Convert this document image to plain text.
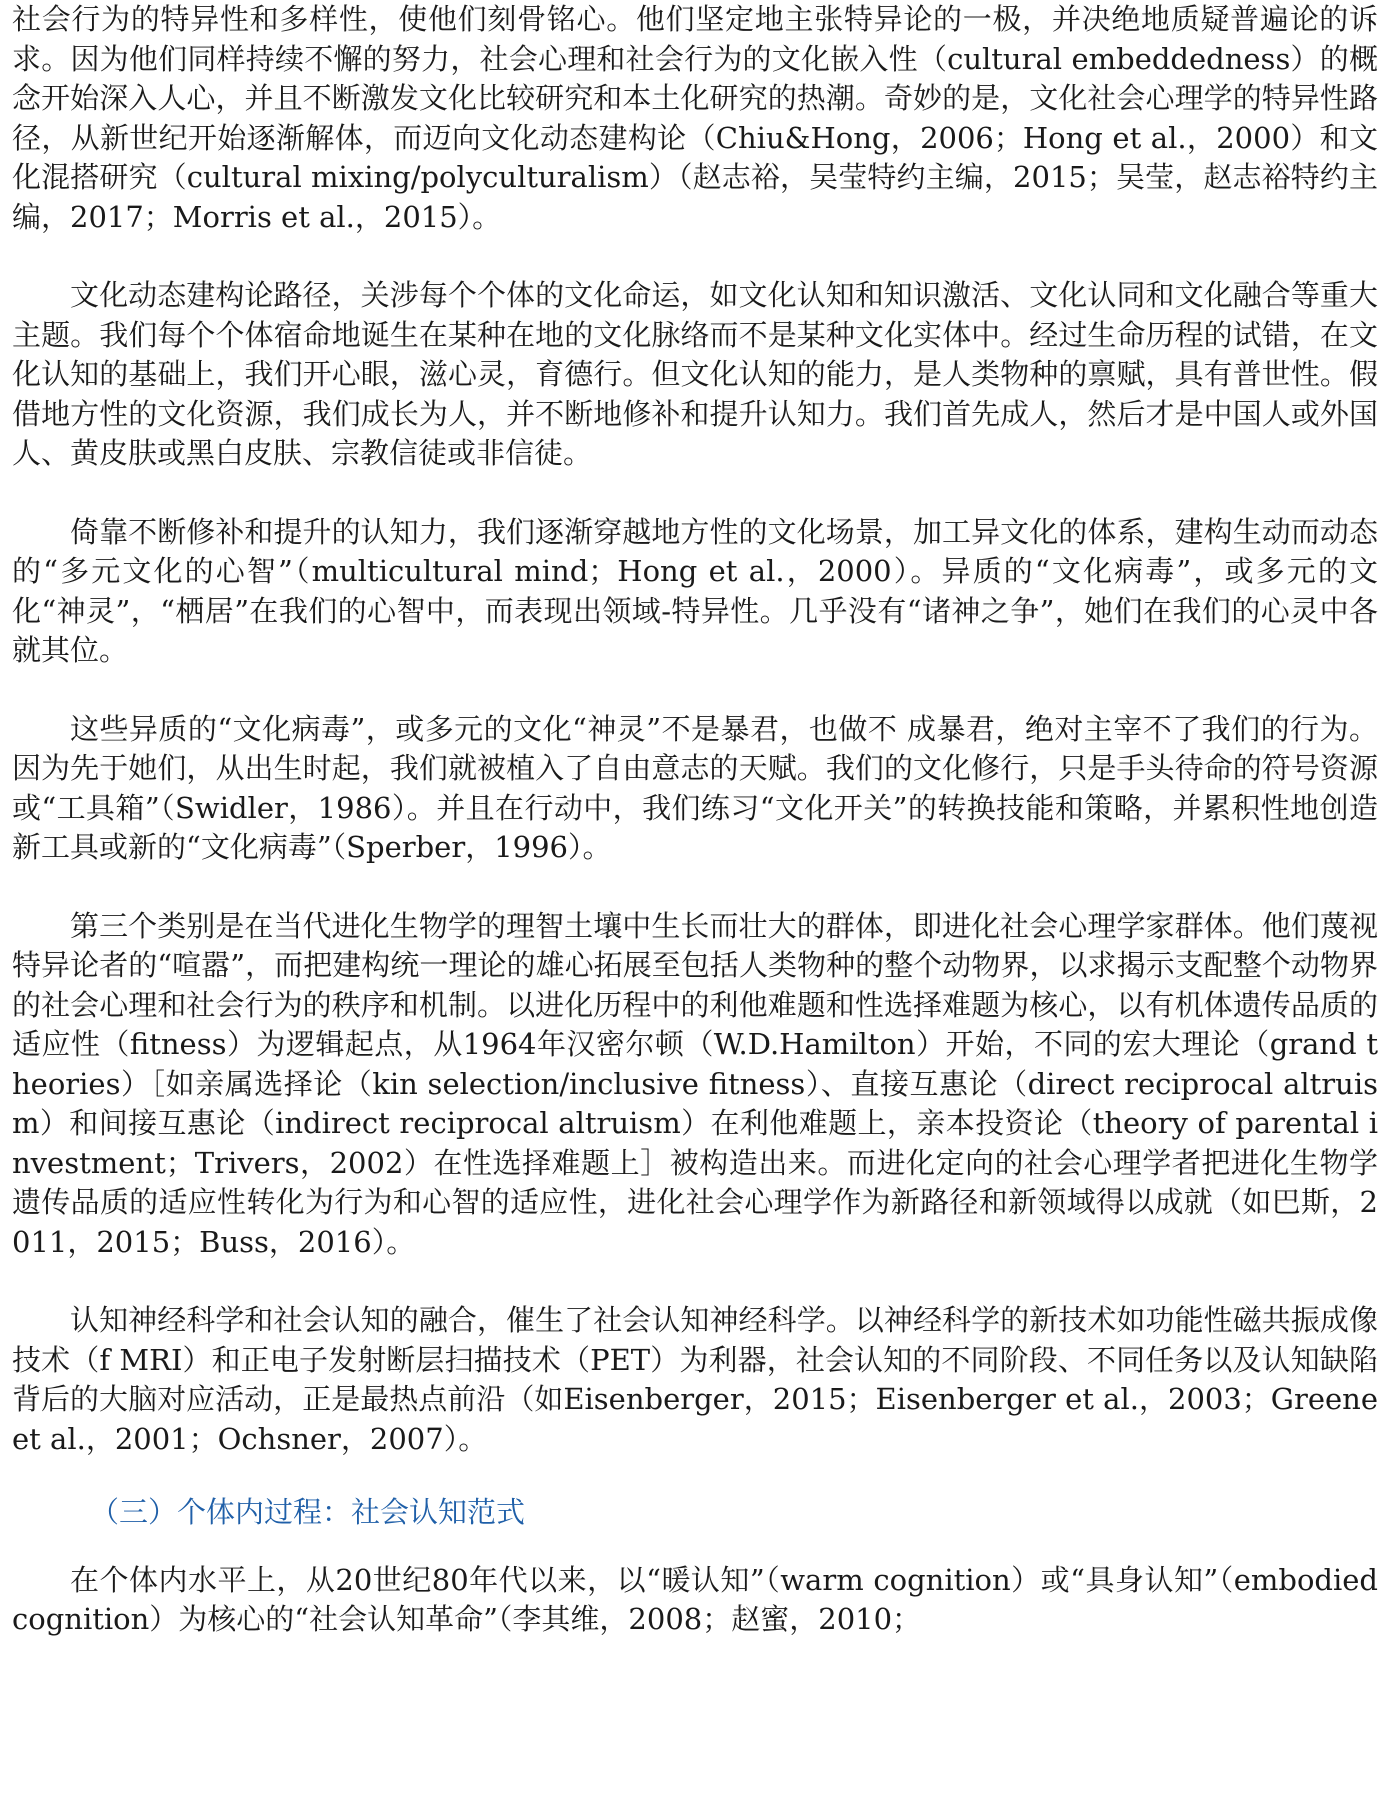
社会行为的特异性和多样性，使他们刻骨铭心。他们坚定地主张特异论的一极，并决绝地质疑普遍论的诉求。因为他们同样持续不懈的努力，社会心理和社会行为的文化嵌入性（cultural embeddedness）的概念开始深入人心，并且不断激发文化比较研究和本土化研究的热潮。奇妙的是，文化社会心理学的特异性路径，从新世纪开始逐渐解体，而迈向文化动态建构论（Chiu&Hong，2006；Hong et al.，2000）和文化混搭研究（cultural mixing/polyculturalism）（赵志裕，吴莹特约主编，2015；吴莹，赵志裕特约主编，2017；Morris et al.，2015）。

文化动态建构论路径，关涉每个个体的文化命运，如文化认知和知识激活、文化认同和文化融合等重大主题。我们每个个体宿命地诞生在某种在地的文化脉络而不是某种文化实体中。经过生命历程的试错，在文化认知的基础上，我们开心眼，滋心灵，育德行。但文化认知的能力，是人类物种的禀赋，具有普世性。假借地方性的文化资源，我们成长为人，并不断地修补和提升认知力。我们首先成人，然后才是中国人或外国人、黄皮肤或黑白皮肤、宗教信徒或非信徒。

倚靠不断修补和提升的认知力，我们逐渐穿越地方性的文化场景，加工异文化的体系，建构生动而动态的“多元文化的心智”（multicultural mind；Hong et al.，2000）。异质的“文化病毒”，或多元的文化“神灵”，“栖居”在我们的心智中，而表现出领域-特异性。几乎没有“诸神之争”，她们在我们的心灵中各就其位。

这些异质的“文化病毒”，或多元的文化“神灵”不是暴君，也做不 成暴君，绝对主宰不了我们的行为。因为先于她们，从出生时起，我们就被植入了自由意志的天赋。我们的文化修行，只是手头待命的符号资源或“工具箱”（Swidler，1986）。并且在行动中，我们练习“文化开关”的转换技能和策略，并累积性地创造新工具或新的“文化病毒”（Sperber，1996）。

第三个类别是在当代进化生物学的理智土壤中生长而壮大的群体，即进化社会心理学家群体。他们蔑视特异论者的“喧嚣”，而把建构统一理论的雄心拓展至包括人类物种的整个动物界，以求揭示支配整个动物界的社会心理和社会行为的秩序和机制。以进化历程中的利他难题和性选择难题为核心，以有机体遗传品质的适应性（fitness）为逻辑起点，从1964年汉密尔顿（W.D.Hamilton）开始，不同的宏大理论（grand theories）［如亲属选择论（kin selection/inclusive fitness）、直接互惠论（direct reciprocal altruism）和间接互惠论（indirect reciprocal altruism）在利他难题上，亲本投资论（theory of parental investment；Trivers，2002）在性选择难题上］被构造出来。而进化定向的社会心理学者把进化生物学遗传品质的适应性转化为行为和心智的适应性，进化社会心理学作为新路径和新领域得以成就（如巴斯，2011，2015；Buss，2016）。

认知神经科学和社会认知的融合，催生了社会认知神经科学。以神经科学的新技术如功能性磁共振成像技术（f MRI）和正电子发射断层扫描技术（PET）为利器，社会认知的不同阶段、不同任务以及认知缺陷背后的大脑对应活动，正是最热点前沿（如Eisenberger，2015；Eisenberger et al.，2003；Greene et al.，2001；Ochsner，2007）。

（三）个体内过程：社会认知范式

在个体内水平上，从20世纪80年代以来，以“暖认知”（warm cognition）或“具身认知”（embodied cognition）为核心的“社会认知革命”（李其维，2008；赵蜜，2010；
